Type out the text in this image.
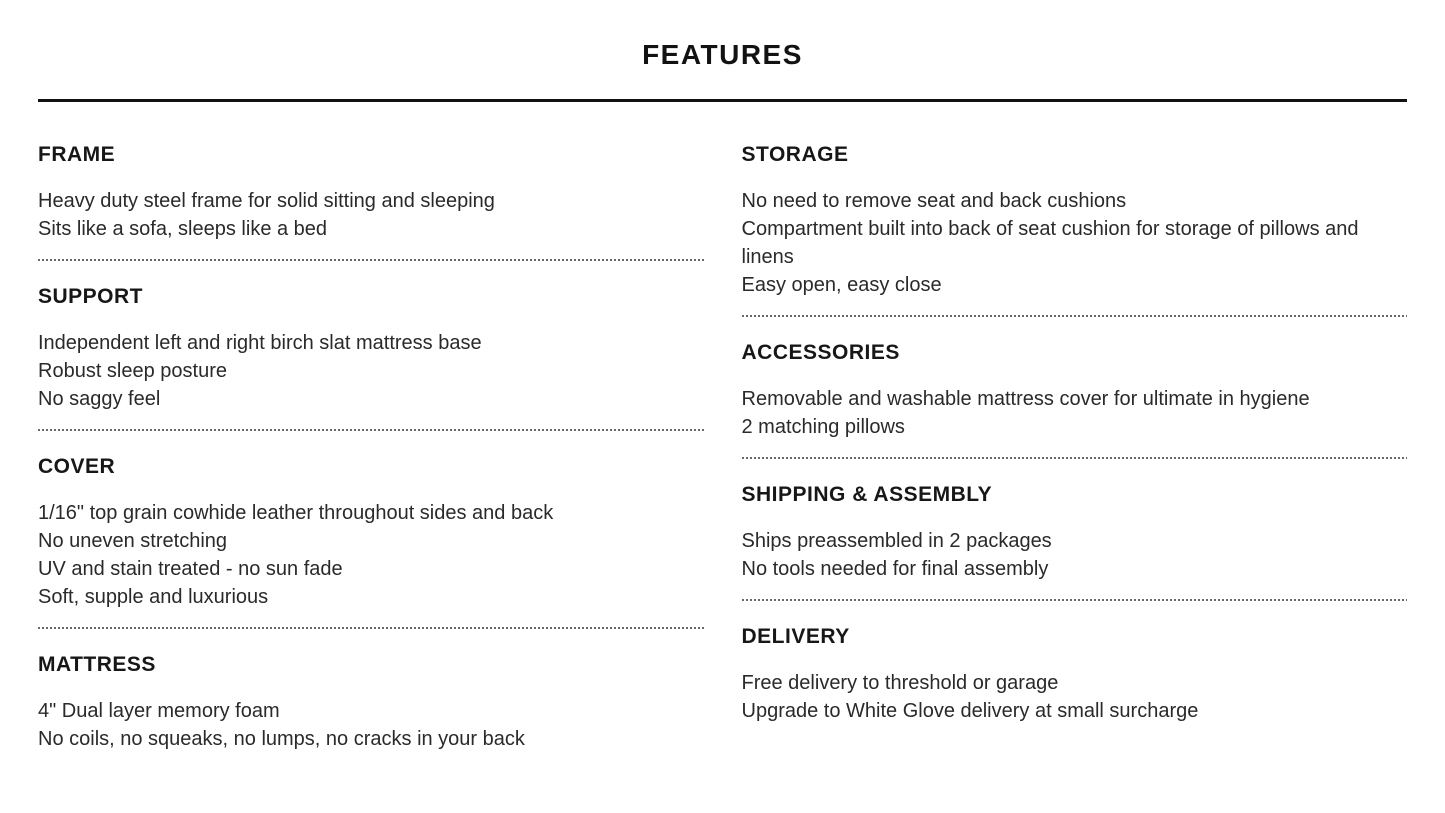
FEATURES
FRAME

Heavy duty steel frame for solid sitting and sleeping

Sits like a sofa, sleeps like a bed

SUPPORT

Independent left and right birch slat mattress base

Robust sleep posture

No saggy feel

COVER

1/16" top grain cowhide leather throughout sides and back

No uneven stretching

UV and stain treated - no sun fade

Soft, supple and luxurious

MATTRESS

4" Dual layer memory foam

No coils, no squeaks, no lumps, no cracks in your back

STORAGE

No need to remove seat and back cushions

Compartment built into back of seat cushion for storage of pillows and linens

Easy open, easy close

ACCESSORIES

Removable and washable mattress cover for ultimate in hygiene

2 matching pillows

SHIPPING & ASSEMBLY

Ships preassembled in 2 packages

No tools needed for final assembly

DELIVERY

Free delivery to threshold or garage

Upgrade to White Glove delivery at small surcharge
